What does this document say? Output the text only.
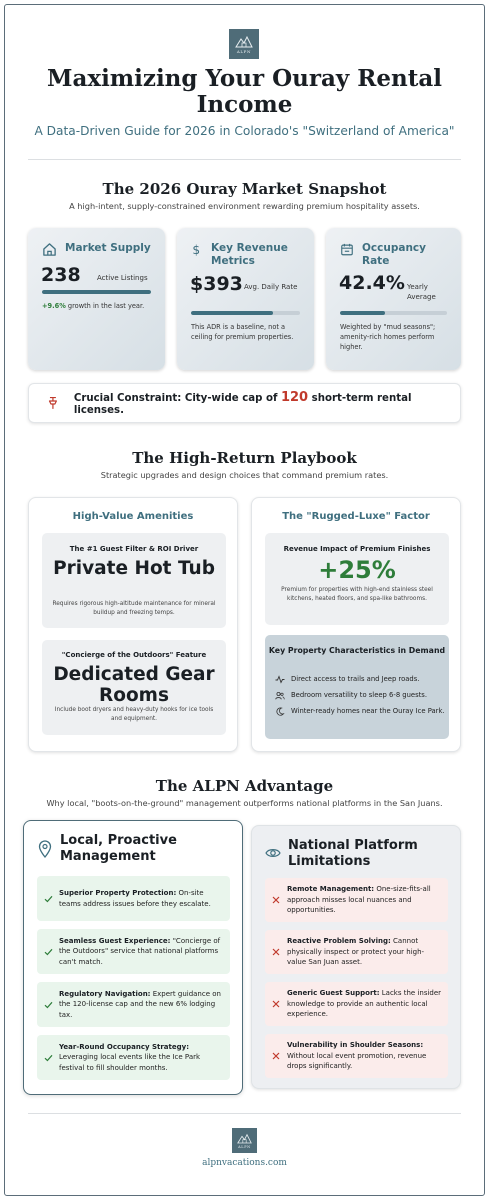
ALPN
Maximizing Your Ouray Rental Income
A Data-Driven Guide for 2026 in Colorado's "Switzerland of America"
The 2026 Ouray Market Snapshot
A high-intent, supply-constrained environment rewarding premium hospitality assets.
Market Supply
238 Active Listings
+9.6% growth in the last year.
$ Key Revenue Metrics
$393 Avg. Daily Rate
This ADR is a baseline, not a ceiling for premium properties.
Occupancy Rate
42.4% Yearly Average
Weighted by "mud seasons"; amenity-rich homes perform higher.
Crucial Constraint: City-wide cap of 120 short-term rental licenses.
The High-Return Playbook
Strategic upgrades and design choices that command premium rates.
High-Value Amenities
The #1 Guest Filter & ROI Driver
Private Hot Tub
Requires rigorous high-altitude maintenance for mineral buildup and freezing temps.
"Concierge of the Outdoors" Feature
Dedicated Gear Rooms
Include boot dryers and heavy-duty hooks for ice tools and equipment.
The "Rugged-Luxe" Factor
Revenue Impact of Premium Finishes
+25%
Premium for properties with high-end stainless steel kitchens, heated floors, and spa-like bathrooms.
Key Property Characteristics in Demand
Direct access to trails and Jeep roads.
Bedroom versatility to sleep 6-8 guests.
Winter-ready homes near the Ouray Ice Park.
The ALPN Advantage
Why local, "boots-on-the-ground" management outperforms national platforms in the San Juans.
Local, Proactive Management
Superior Property Protection: On-site teams address issues before they escalate.
Seamless Guest Experience: "Concierge of the Outdoors" service that national platforms can't match.
Regulatory Navigation: Expert guidance on the 120-license cap and the new 6% lodging tax.
Year-Round Occupancy Strategy: Leveraging local events like the Ice Park festival to fill shoulder months.
National Platform Limitations
Remote Management: One-size-fits-all approach misses local nuances and opportunities.
Reactive Problem Solving: Cannot physically inspect or protect your high-value San Juan asset.
Generic Guest Support: Lacks the insider knowledge to provide an authentic local experience.
Vulnerability in Shoulder Seasons: Without local event promotion, revenue drops significantly.
ALPN
alpnvacations.com
